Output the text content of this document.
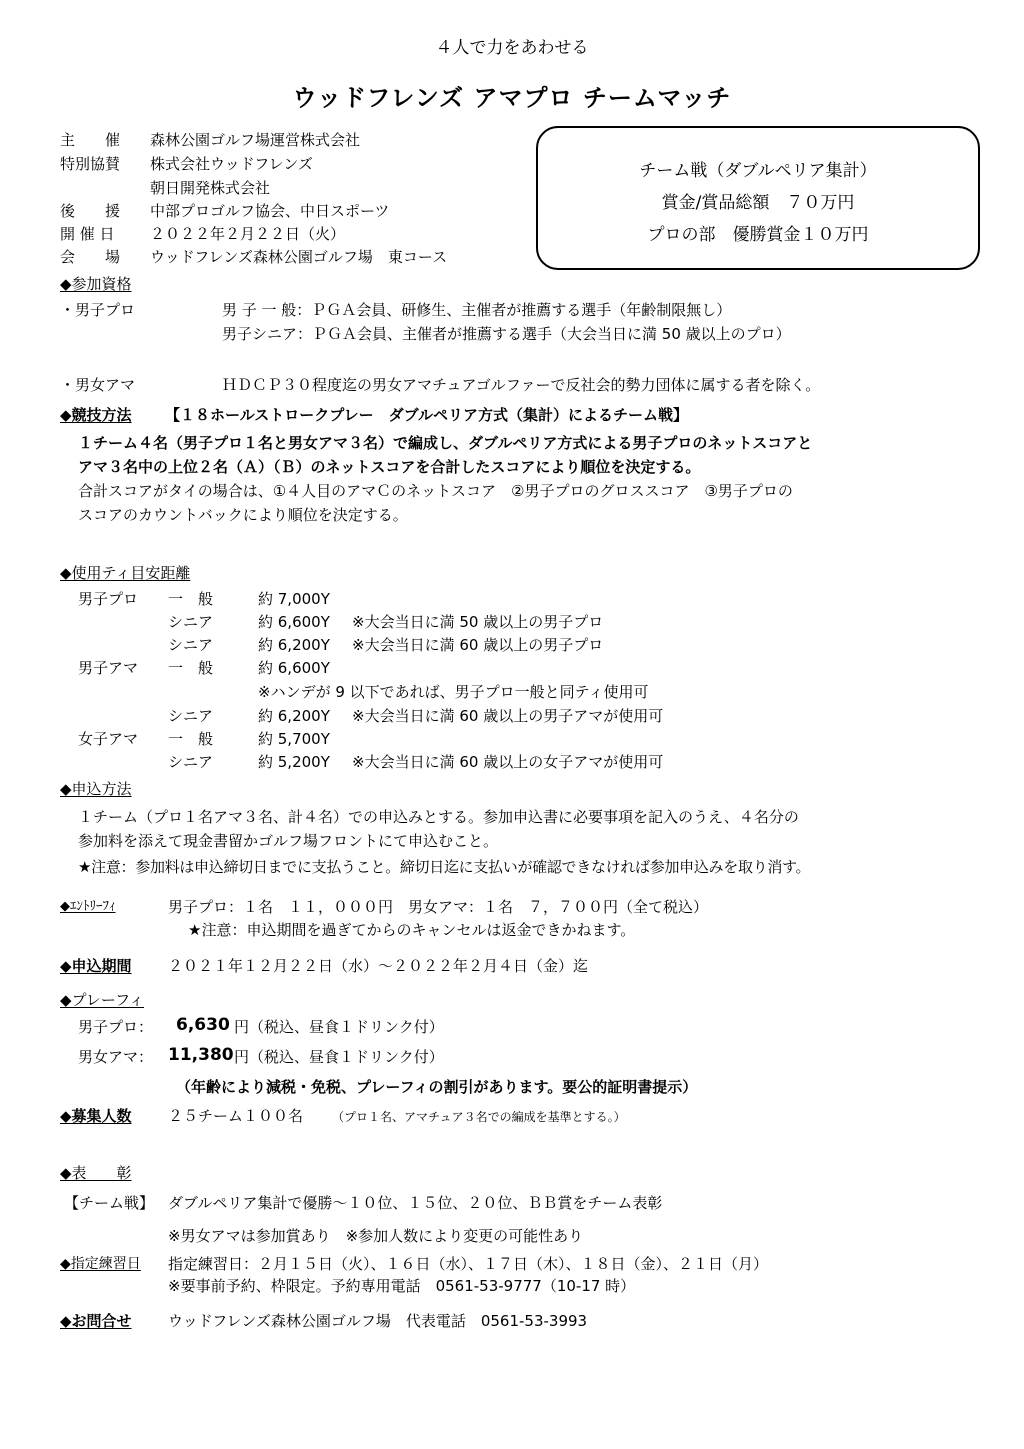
４人で力をあわせる
ウッドフレンズ アマプロ チームマッチ
主　　催 森林公園ゴルフ場運営株式会社
特別協賛 株式会社ウッドフレンズ
朝日開発株式会社
後　　援 中部プロゴルフ協会、中日スポーツ
開 催 日 ２０２２年２月２２日（火）
会　　場 ウッドフレンズ森林公園ゴルフ場　東コース
チーム戦（ダブルペリア集計）
賞金/賞品総額　７０万円
プロの部　優勝賞金１０万円
◆参加資格
・男子プロ	男 子 一 般：ＰＧＡ会員、研修生、主催者が推薦する選手（年齢制限無し）
男子シニア：ＰＧＡ会員、主催者が推薦する選手（大会当日に満 50 歳以上のプロ）
・男女アマ	ＨＤＣＰ３０程度迄の男女アマチュアゴルファーで反社会的勢力団体に属する者を除く。
◆競技方法 【１８ホールストロークプレー　ダブルペリア方式（集計）によるチーム戦】
１チーム４名（男子プロ１名と男女アマ３名）で編成し、ダブルペリア方式による男子プロのネットスコアと
アマ３名中の上位２名（Ａ）（Ｂ）のネットスコアを合計したスコアにより順位を決定する。
合計スコアがタイの場合は、①４人目のアマＣのネットスコア　②男子プロのグロススコア　③男子プロの
スコアのカウントバックにより順位を決定する。
◆使用ティ目安距離
男子プロ 一　般	約 7,000Y
シニア	約 6,600Y ※大会当日に満 50 歳以上の男子プロ
シニア	約 6,200Y ※大会当日に満 60 歳以上の男子プロ
男子アマ 一　般	約 6,600Y
※ハンデが 9 以下であれば、男子プロ一般と同ティ使用可
シニア	約 6,200Y ※大会当日に満 60 歳以上の男子アマが使用可
女子アマ 一　般	約 5,700Y
シニア	約 5,200Y ※大会当日に満 60 歳以上の女子アマが使用可
◆申込方法
１チーム（プロ１名アマ３名、計４名）での申込みとする。参加申込書に必要事項を記入のうえ、４名分の
参加料を添えて現金書留かゴルフ場フロントにて申込むこと。
★注意：参加料は申込締切日までに支払うこと。締切日迄に支払いが確認できなければ参加申込みを取り消す。
◆ｴﾝﾄﾘｰﾌｨ	男子プロ：１名　１１，０００円　男女アマ：１名　７，７００円（全て税込）
★注意：申込期間を過ぎてからのキャンセルは返金できかねます。
◆申込期間 ２０２１年１２月２２日（水）～２０２２年２月４日（金）迄
◆プレーフィ
男子プロ： 6,630 円（税込、昼食１ドリンク付）
男女アマ： 11,380 円（税込、昼食１ドリンク付）
（年齢により減税・免税、プレーフィの割引があります。要公的証明書提示）
◆募集人数 ２５チーム１００名 （プロ１名、アマチュア３名での編成を基準とする。）
◆表　　彰
【チーム戦】 ダブルペリア集計で優勝～１０位、１５位、２０位、ＢＢ賞をチーム表彰
※男女アマは参加賞あり　※参加人数により変更の可能性あり
◆指定練習日 指定練習日：２月１５日（火）、１６日（水）、１７日（木）、１８日（金）、２１日（月）
※要事前予約、枠限定。予約専用電話　0561-53-9777（10-17 時）
◆お問合せ ウッドフレンズ森林公園ゴルフ場　代表電話　0561-53-3993
